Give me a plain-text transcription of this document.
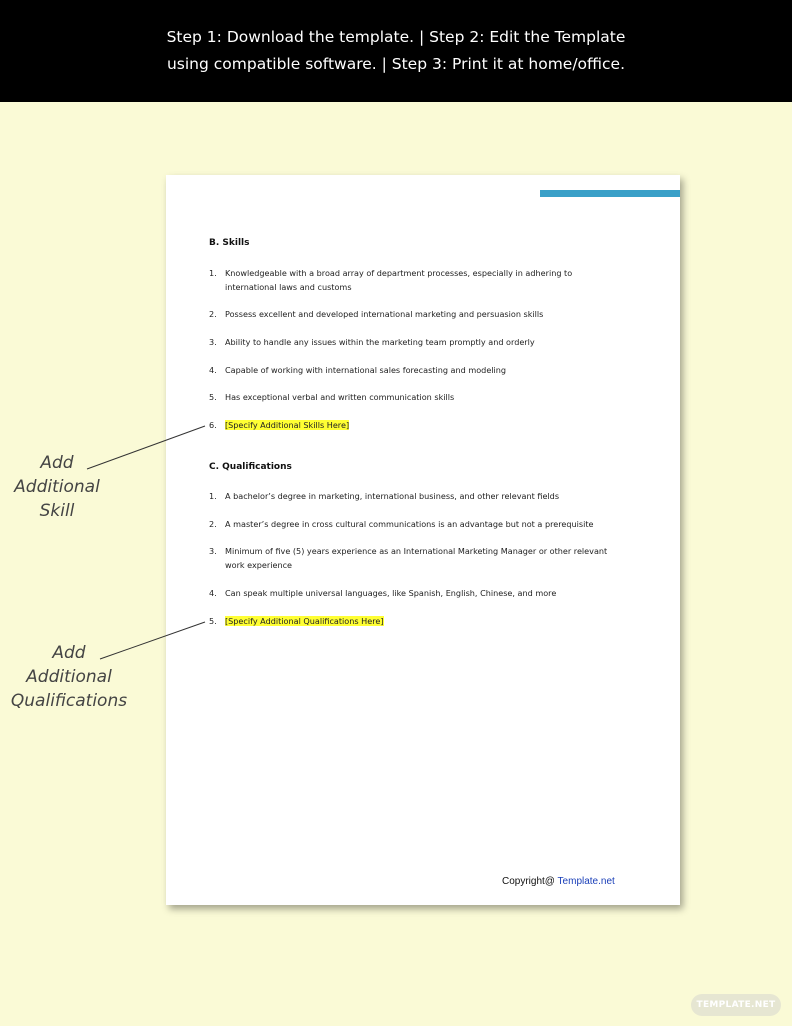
Step 1: Download the template. | Step 2: Edit the Template
using compatible software. | Step 3: Print it at home/office.
B. Skills
1. Knowledgeable with a broad array of department processes, especially in adhering to
international laws and customs
2. Possess excellent and developed international marketing and persuasion skills
3. Ability to handle any issues within the marketing team promptly and orderly
4. Capable of working with international sales forecasting and modeling
5. Has exceptional verbal and written communication skills
6. [Specify Additional Skills Here]
C. Qualifications
1. A bachelor’s degree in marketing, international business, and other relevant fields
2. A master’s degree in cross cultural communications is an advantage but not a prerequisite
3. Minimum of five (5) years experience as an International Marketing Manager or other relevant
work experience
4. Can speak multiple universal languages, like Spanish, English, Chinese, and more
5. [Specify Additional Qualifications Here]
Copyright@ Template.net
Add
Additional
Skill
Add
Additional
Qualifications
TEMPLATE.NET
